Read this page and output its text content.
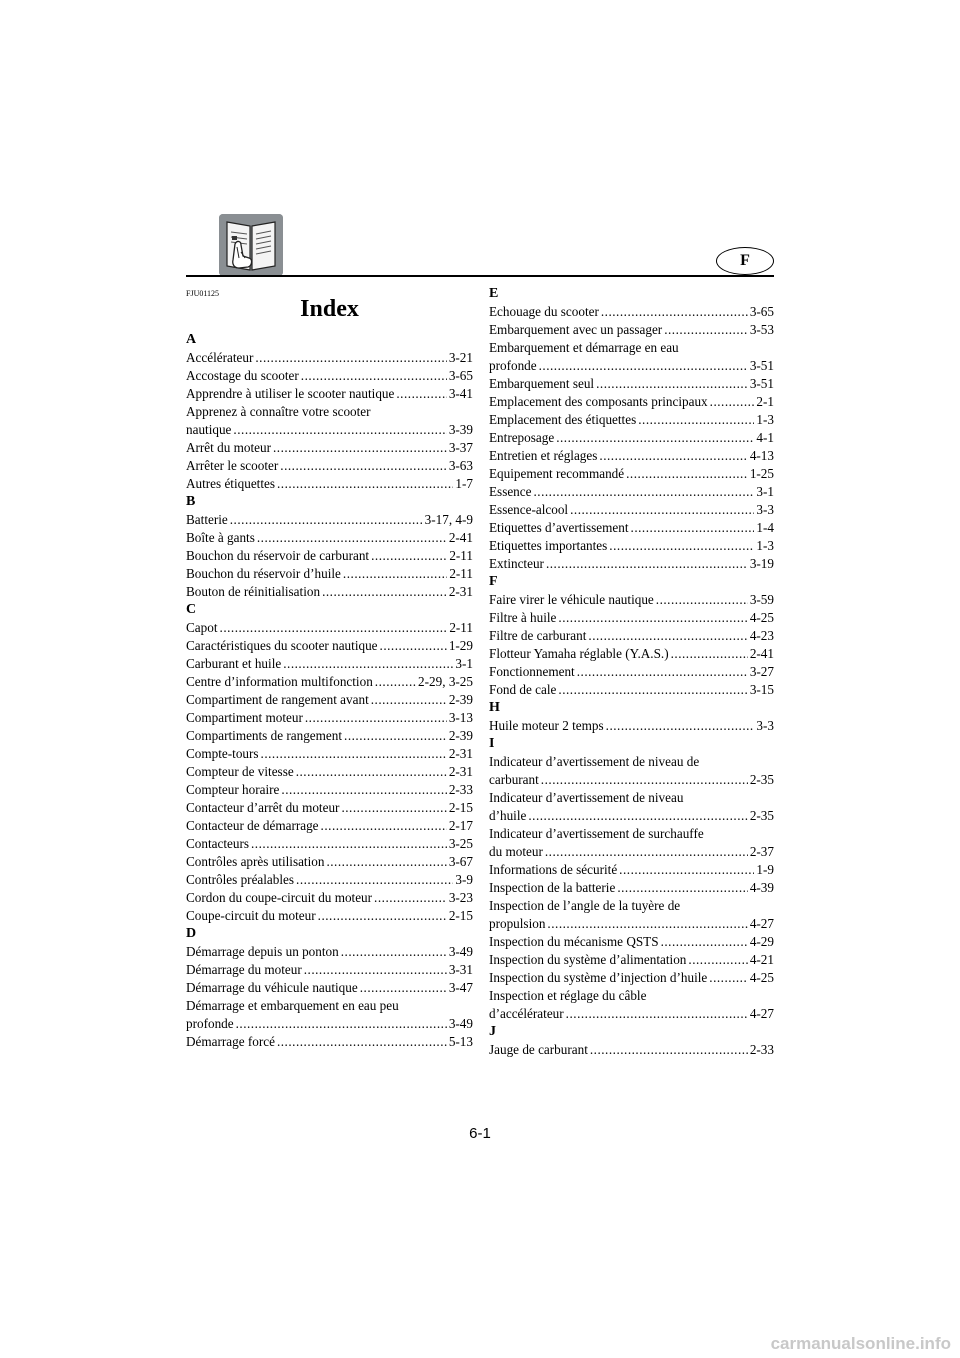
F
FJU01125
Index
A
Accélérateur .....	3-21
Accostage du scooter .....	3-65
Apprendre à utiliser le scooter nautique .....	3-41
Apprenez à connaître votre scooter
nautique .....	3-39
Arrêt du moteur .....	3-37
Arrêter le scooter .....	3-63
Autres étiquettes .....	1-7
B
Batterie .....	3-17, 4-9
Boîte à gants .....	2-41
Bouchon du réservoir de carburant .....	2-11
Bouchon du réservoir d’huile .....	2-11
Bouton de réinitialisation .....	2-31
C
Capot .....	2-11
Caractéristiques du scooter nautique .....	1-29
Carburant et huile .....	3-1
Centre d’information multifonction .....	2-29, 3-25
Compartiment de rangement avant .....	2-39
Compartiment moteur .....	3-13
Compartiments de rangement .....	2-39
Compte-tours .....	2-31
Compteur de vitesse .....	2-31
Compteur horaire .....	2-33
Contacteur d’arrêt du moteur .....	2-15
Contacteur de démarrage .....	2-17
Contacteurs .....	3-25
Contrôles après utilisation .....	3-67
Contrôles préalables .....	3-9
Cordon du coupe-circuit du moteur .....	3-23
Coupe-circuit du moteur .....	2-15
D
Démarrage depuis un ponton .....	3-49
Démarrage du moteur .....	3-31
Démarrage du véhicule nautique .....	3-47
Démarrage et embarquement en eau peu
profonde .....	3-49
Démarrage forcé .....	5-13
E
Echouage du scooter .....	3-65
Embarquement avec un passager .....	3-53
Embarquement et démarrage en eau
profonde .....	3-51
Embarquement seul .....	3-51
Emplacement des composants principaux .....	2-1
Emplacement des étiquettes .....	1-3
Entreposage .....	4-1
Entretien et réglages .....	4-13
Equipement recommandé .....	1-25
Essence .....	3-1
Essence-alcool .....	3-3
Etiquettes d’avertissement .....	1-4
Etiquettes importantes .....	1-3
Extincteur .....	3-19
F
Faire virer le véhicule nautique .....	3-59
Filtre à huile .....	4-25
Filtre de carburant .....	4-23
Flotteur Yamaha réglable (Y.A.S.) .....	2-41
Fonctionnement .....	3-27
Fond de cale .....	3-15
H
Huile moteur 2 temps .....	3-3
I
Indicateur d’avertissement de niveau de
carburant .....	2-35
Indicateur d’avertissement de niveau
d’huile .....	2-35
Indicateur d’avertissement de surchauffe
du moteur .....	2-37
Informations de sécurité .....	1-9
Inspection de la batterie .....	4-39
Inspection de l’angle de la tuyère de
propulsion .....	4-27
Inspection du mécanisme QSTS .....	4-29
Inspection du système d’alimentation .....	4-21
Inspection du système d’injection d’huile .....	4-25
Inspection et réglage du câble
d’accélérateur .....	4-27
J
Jauge de carburant .....	2-33
6-1
carmanualsonline.info
